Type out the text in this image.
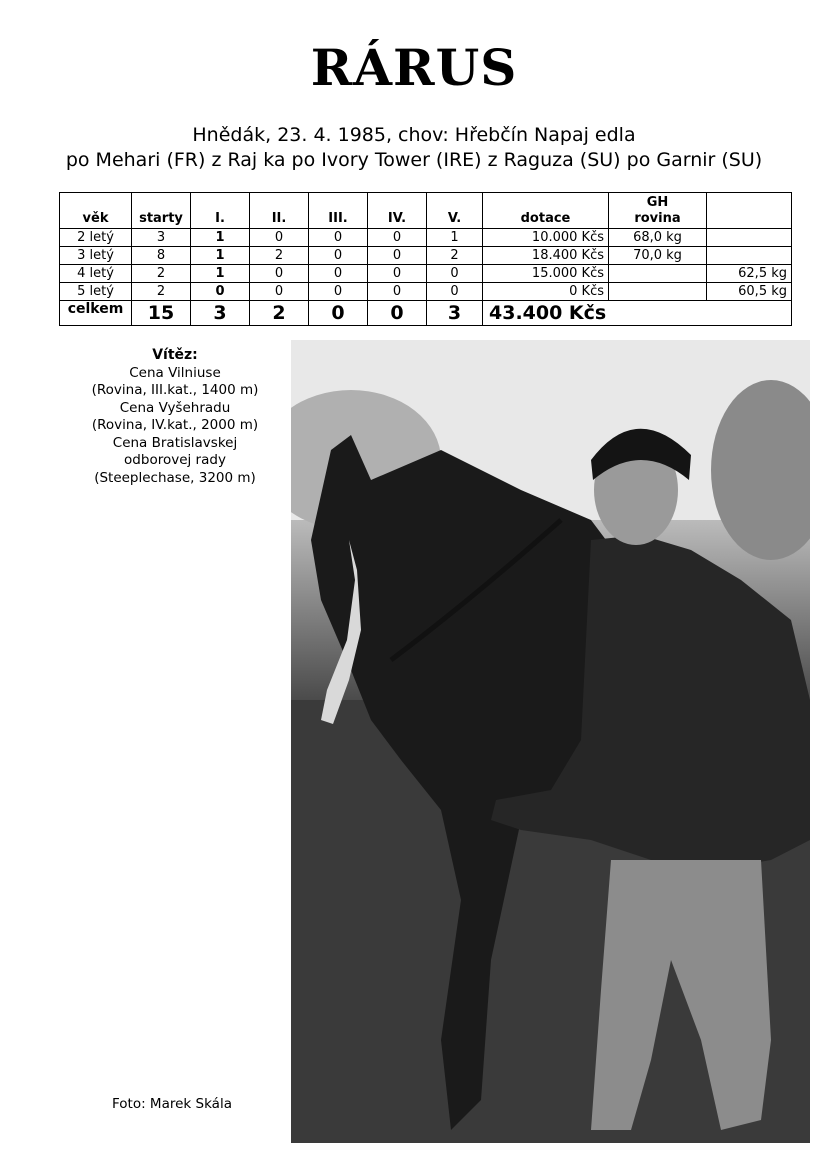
RÁRUS
Hnědák, 23. 4. 1985, chov: Hřebčín Napaj edla
po Mehari (FR) z Raj ka po Ivory Tower (IRE) z Raguza (SU) po Garnir (SU)
věk	starty	I.	II.	III.	IV.	V.	dotace	GH
rovina	
2 letý	3	1	0	0	0	1	10.000 Kčs	68,0 kg	
3 letý	8	1	2	0	0	2	18.400 Kčs	70,0 kg	
4 letý	2	1	0	0	0	0	15.000 Kčs		62,5 kg
5 letý	2	0	0	0	0	0	0 Kčs		60,5 kg
celkem	15	3	2	0	0	3	43.400 Kčs		
Vítěz:
Cena Vilniuse
(Rovina, III.kat., 1400 m)
Cena Vyšehradu
(Rovina, IV.kat., 2000 m)
Cena Bratislavskej
odborovej rady
(Steeplechase, 3200 m)
Foto: Marek Skála
